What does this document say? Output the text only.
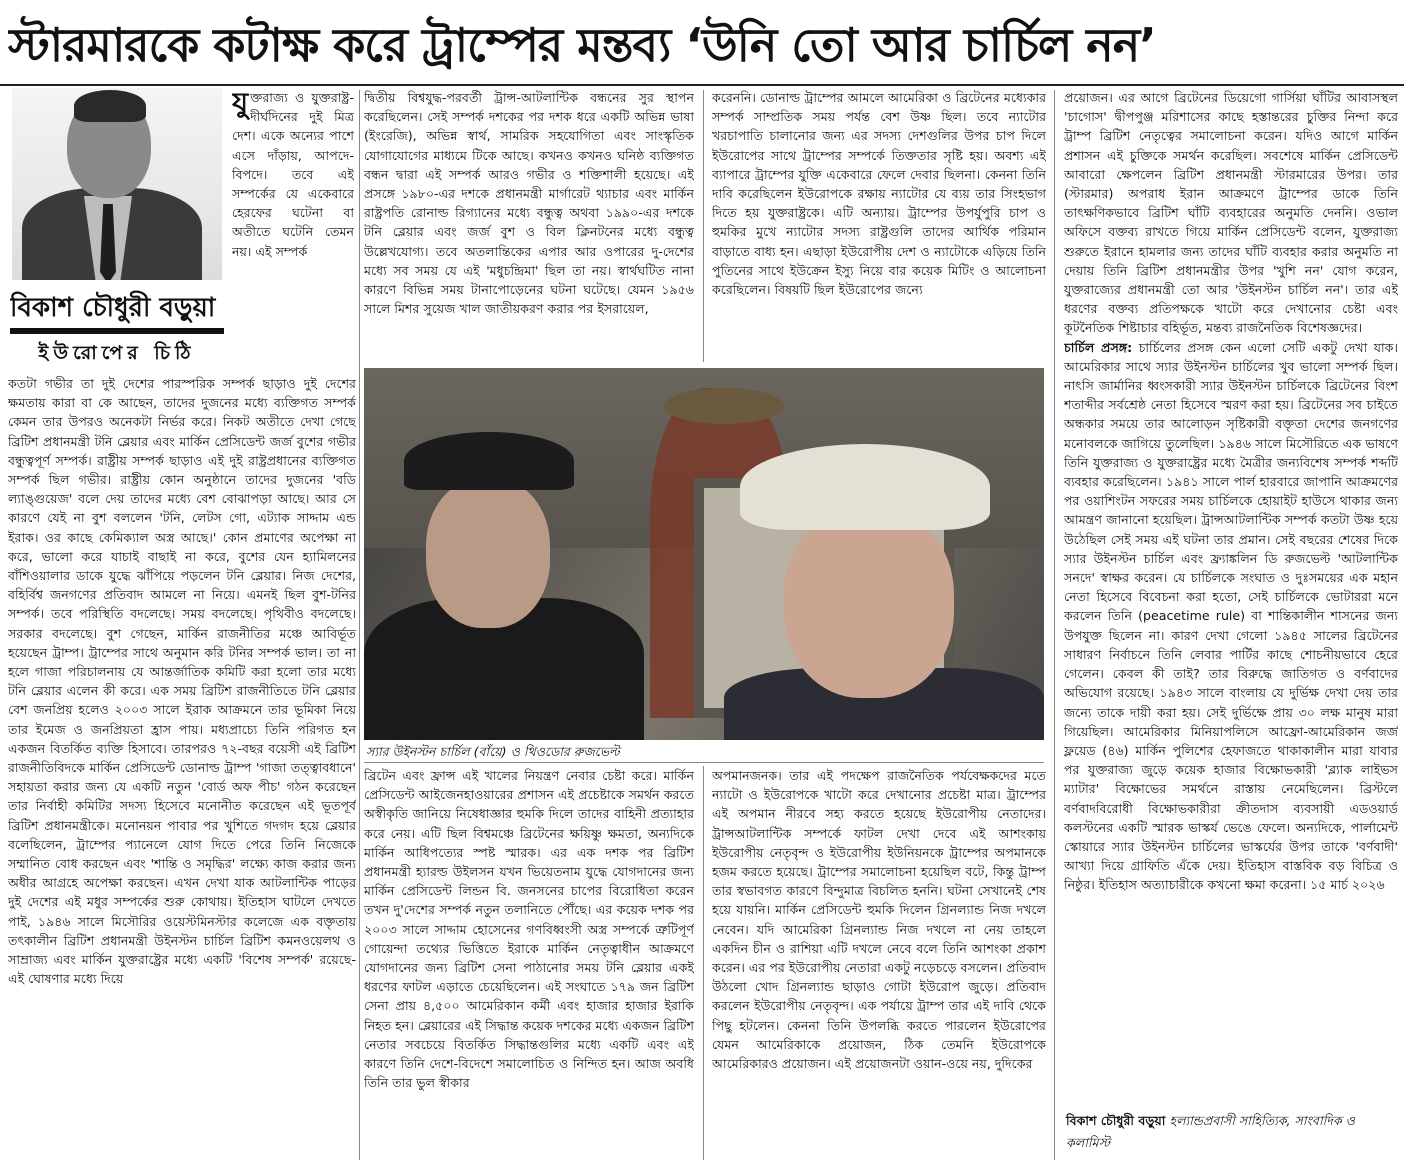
স্টারমারকে কটাক্ষ করে ট্রাম্পের মন্তব্য ‘উনি তো আর চার্চিল নন’
বিকাশ চৌধুরী বড়ুয়া
ইউরোপের চিঠি
যুক্তরাজ্য ও যুক্তরাষ্ট্র- দীর্ঘদিনের দুই মিত্র দেশ। একে অন্যের পাশে এসে দাঁড়ায়, আপদে-বিপদে। তবে এই সম্পর্কের যে একেবারে হেরফের ঘটেনা বা অতীতে ঘটেনি তেমন নয়। এই সম্পর্ক

কতটা গভীর তা দুই দেশের পারস্পরিক সম্পর্ক ছাড়াও দুই দেশের ক্ষমতায় কারা বা কে আছেন, তাদের দুজনের মধ্যে ব্যক্তিগত সম্পর্ক কেমন তার উপরও অনেকটা নির্ভর করে। নিকট অতীতে দেখা গেছে ব্রিটিশ প্রধানমন্ত্রী টনি ব্লেয়ার এবং মার্কিন প্রেসিডেন্ট জর্জ বুশের গভীর বন্ধুত্বপূর্ণ সম্পর্ক। রাষ্ট্রীয় সম্পর্ক ছাড়াও এই দুই রাষ্ট্রপ্রধানের ব্যক্তিগত সম্পর্ক ছিল গভীর। রাষ্ট্রীয় কোন অনুষ্ঠানে তাদের দুজনের 'বডি ল্যাঙ্গুয়েজ' বলে দেয় তাদের মধ্যে বেশ বোঝাপড়া আছে। আর সে কারণে যেই না বুশ বললেন 'টনি, লেটস গো, এট্যাক সাদ্দাম এন্ড ইরাক। ওর কাছে কেমিক্যাল অস্ত্র আছে।' কোন প্রমাণের অপেক্ষা না করে, ভালো করে যাচাই বাছাই না করে, বুশের যেন হ্যামিলনের বাঁশিওয়ালার ডাকে যুদ্ধে ঝাঁপিয়ে পড়লেন টনি ব্লেয়ার। নিজ দেশের, বহির্বিশ্ব জনগণের প্রতিবাদ আমলে না নিয়ে। এমনই ছিল বুশ-টনির সম্পর্ক। তবে পরিস্থিতি বদলেছে। সময় বদলেছে। পৃথিবীও বদলেছে। সরকার বদলেছে। বুশ গেছেন, মার্কিন রাজনীতির মঞ্চে আবির্ভূত হয়েছেন ট্রাম্প। ট্রাম্পের সাথে অনুমান করি টনির সম্পর্ক ভাল। তা না হলে গাজা পরিচালনায় যে আন্তর্জাতিক কমিটি করা হলো তার মধ্যে টনি ব্লেয়ার এলেন কী করে। এক সময় ব্রিটিশ রাজনীতিতে টনি ব্লেয়ার বেশ জনপ্রিয় হলেও ২০০৩ সালে ইরাক আক্রমনে তার ভূমিকা নিয়ে তার ইমেজ ও জনপ্রিয়তা হ্রাস পায়। মধ্যপ্রাচ্যে তিনি পরিগত হন একজন বিতর্কিত ব্যক্তি হিসাবে। তারপরও ৭২-বছর বয়েসী এই ব্রিটিশ রাজনীতিবিদকে মার্কিন প্রেসিডেন্ট ডোনাল্ড ট্রাম্প 'গাজা তত্ত্বাবধানে' সহায়তা করার জন্য যে একটি নতুন 'বোর্ড অফ পীচ' গঠন করেছেন তার নির্বাহী কমিটির সদস্য হিসেবে মনোনীত করেছেন এই ভূতপূর্ব ব্রিটিশ প্রধানমন্ত্রীকে। মনোনয়ন পাবার পর খুশিতে গদগদ হয়ে ব্লেয়ার বলেছিলেন, ট্রাম্পের প্যানেলে যোগ দিতে পেরে তিনি নিজেকে সম্মানিত বোধ করছেন এবং 'শান্তি ও সমৃদ্ধির' লক্ষ্যে কাজ করার জন্য অধীর আগ্রহে অপেক্ষা করছেন। এখন দেখা যাক আটলান্টিক পাড়ের দুই দেশের এই মধুর সম্পর্কের শুরু কোথায়। ইতিহাস ঘাটলে দেখতে পাই, ১৯৪৬ সালে মিসৌরির ওয়েস্টমিনস্টার কলেজে এক বক্তৃতায় তৎকালীন ব্রিটিশ প্রধানমন্ত্রী উইনস্টন চার্চিল ব্রিটিশ কমনওয়েলথ ও সাম্রাজ্য এবং মার্কিন যুক্তরাষ্ট্রের মধ্যে একটি 'বিশেষ সম্পর্ক' রয়েছে- এই ঘোষণার মধ্যে দিয়ে

দ্বিতীয় বিশ্বযুদ্ধ-পরবর্তী ট্রান্স-আটলান্টিক বন্ধনের সুর স্থাপন করেছিলেন। সেই সম্পর্ক দশকের পর দশক ধরে একটি অভিন্ন ভাষা (ইংরেজি), অভিন্ন স্বার্থ, সামরিক সহযোগিতা এবং সাংস্কৃতিক যোগাযোগের মাধ্যমে টিকে আছে। কখনও কখনও ঘনিষ্ঠ ব্যক্তিগত বন্ধন দ্বারা এই সম্পর্ক আরও গভীর ও শক্তিশালী হয়েছে। এই প্রসঙ্গে ১৯৮০-এর দশকে প্রধানমন্ত্রী মার্গারেট থ্যাচার এবং মার্কিন রাষ্ট্রপতি রোনাল্ড রিগ্যানের মধ্যে বন্ধুত্ব অথবা ১৯৯০-এর দশকে টনি ব্লেয়ার এবং জর্জ বুশ ও বিল ক্লিনটনের মধ্যে বন্ধুত্ব উল্লেখযোগ্য। তবে অতলান্তিকের এপার আর ওপারের দু-দেশের মধ্যে সব সময় যে এই 'মধুচন্দ্রিমা' ছিল তা নয়। স্বার্থঘটিত নানা কারণে বিভিন্ন সময় টানাপোড়েনের ঘটনা ঘটেছে। যেমন ১৯৫৬ সালে মিশর সুয়েজ খাল জাতীয়করণ করার পর ইসরায়েল,

করেননি। ডোনাল্ড ট্রাম্পের আমলে আমেরিকা ও ব্রিটেনের মধ্যেকার সম্পর্ক সাম্প্রতিক সময় পর্যন্ত বেশ উষ্ণ ছিল। তবে ন্যাটোর খরচাপাতি চালানোর জন্য এর সদস্য দেশগুলির উপর চাপ দিলে ইউরোপের সাথে ট্রাম্পের সম্পর্কে তিক্ততার সৃষ্টি হয়। অবশ্য এই ব্যাপারে ট্রাম্পের যুক্তি একেবারে ফেলে দেবার ছিলনা। কেননা তিনি দাবি করেছিলেন ইউরোপকে রক্ষায় ন্যাটোর যে ব্যয় তার সিংহভাগ দিতে হয় যুক্তরাষ্ট্রকে। এটি অন্যায়। ট্রাম্পের উপর্যুপুরি চাপ ও হুমকির মুখে ন্যাটোর সদস্য রাষ্ট্রগুলি তাদের আর্থিক পরিমান বাড়াতে বাধ্য হন। এছাড়া ইউরোপীয় দেশ ও ন্যাটোকে এড়িয়ে তিনি পুতিনের সাথে ইউক্রেন ইস্যু নিয়ে বার কয়েক মিটিং ও আলোচনা করেছিলেন। বিষয়টি ছিল ইউরোপের জন্যে

স্যার উইনস্টন চার্চিল (বাঁয়ে) ও থিওডোর রুজভেল্ট

ব্রিটেন এবং ফ্রান্স এই খালের নিয়ন্ত্রণ নেবার চেষ্টা করে। মার্কিন প্রেসিডেন্ট আইজেনহাওয়ারের প্রশাসন এই প্রচেষ্টাকে সমর্থন করতে অস্বীকৃতি জানিয়ে নিষেধাজ্ঞার হুমকি দিলে তাদের বাহিনী প্রত্যাহার করে নেয়। এটি ছিল বিশ্বমঞ্চে ব্রিটেনের ক্ষয়িষ্ণু ক্ষমতা, অন্যদিকে মার্কিন আধিপত্যের স্পষ্ট স্মারক। এর এক দশক পর ব্রিটিশ প্রধানমন্ত্রী হ্যারল্ড উইলসন যখন ভিয়েতনাম যুদ্ধে যোগদানের জন্য মার্কিন প্রেসিডেন্ট লিন্ডন বি. জনসনের চাপের বিরোধিতা করেন তখন দু'দেশের সম্পর্ক নতুন তলানিতে পৌঁছে। এর কয়েক দশক পর ২০০৩ সালে সাদ্দাম হোসেনের গণবিধ্বংসী অস্ত্র সম্পর্কে ত্রুটিপূর্ণ গোয়েন্দা তথ্যের ভিত্তিতে ইরাকে মার্কিন নেতৃত্বাধীন আক্রমণে যোগদানের জন্য ব্রিটিশ সেনা পাঠানোর সময় টনি ব্লেয়ার একই ধরণের ফাটল এড়াতে চেয়েছিলেন। এই সংঘাতে ১৭৯ জন ব্রিটিশ সেনা প্রায় ৪,৫০০ আমেরিকান কর্মী এবং হাজার হাজার ইরাকি নিহত হন। ব্লেয়ারের এই সিদ্ধান্ত কয়েক দশকের মধ্যে একজন ব্রিটিশ নেতার সবচেয়ে বিতর্কিত সিদ্ধান্তগুলির মধ্যে একটি এবং এই কারণে তিনি দেশে-বিদেশে সমালোচিত ও নিন্দিত হন। আজ অবধি তিনি তার ভুল স্বীকার

অপমানজনক। তার এই পদক্ষেপ রাজনৈতিক পর্যবেক্ষকদের মতে ন্যাটো ও ইউরোপকে খাটো করে দেখানোর প্রচেষ্টা মাত্র। ট্রাম্পের এই অপমান নীরবে সহ্য করতে হয়েছে ইউরোপীয় নেতাদের। ট্রান্সআটলান্টিক সম্পর্কে ফাটল দেখা দেবে এই আশংকায় ইউরোপীয় নেতৃবৃন্দ ও ইউরোপীয় ইউনিয়নকে ট্রাম্পের অপমানকে হজম করতে হয়েছে। ট্রাম্পের সমালোচনা হয়েছিল বটে, কিন্তু ট্রাম্প তার স্বভাবগত কারণে বিন্দুমাত্র বিচলিত হননি। ঘটনা সেখানেই শেষ হয়ে যায়নি। মার্কিন প্রেসিডেন্ট হুমকি দিলেন গ্রিনল্যান্ড নিজ দখলে নেবেন। যদি আমেরিকা গ্রিনল্যান্ড নিজ দখলে না নেয় তাহলে একদিন চীন ও রাশিয়া এটি দখলে নেবে বলে তিনি আশংকা প্রকাশ করেন। এর পর ইউরোপীয় নেতারা একটু নড়েচড়ে বসলেন। প্রতিবাদ উঠলো খোদ গ্রিনল্যান্ড ছাড়াও গোটা ইউরোপ জুড়ে। প্রতিবাদ করলেন ইউরোপীয় নেতৃবৃন্দ। এক পর্যায়ে ট্রাম্প তার এই দাবি থেকে পিছু হটলেন। কেননা তিনি উপলব্ধি করতে পারলেন ইউরোপের যেমন আমেরিকাকে প্রয়োজন, ঠিক তেমনি ইউরোপকে আমেরিকারও প্রয়োজন। এই প্রয়োজনটা ওয়ান-ওয়ে নয়, দুদিকের

প্রয়োজন। এর আগে ব্রিটেনের ডিয়েগো গার্সিয়া ঘাঁটির আবাসস্থল 'চাগোস' দ্বীপপুঞ্জ মরিশাসের কাছে হস্তান্তরের চুক্তির নিন্দা করে ট্রাম্প ব্রিটিশ নেতৃত্বের সমালোচনা করেন। যদিও আগে মার্কিন প্রশাসন এই চুক্তিকে সমর্থন করেছিল। সবশেষে মার্কিন প্রেসিডেন্ট আবারো ক্ষেপলেন ব্রিটিশ প্রধানমন্ত্রী স্টারমারের উপর। তার (স্টারমার) অপরাধ ইরান আক্রমণে ট্রাম্পের ডাকে তিনি তাৎক্ষণিকভাবে ব্রিটিশ ঘাঁটি ব্যবহারের অনুমতি দেননি। ওভাল অফিসে বক্তব্য রাখতে গিয়ে মার্কিন প্রেসিডেন্ট বলেন, যুক্তরাজ্য শুরুতে ইরানে হামলার জন্য তাদের ঘাঁটি ব্যবহার করার অনুমতি না দেয়ায় তিনি ব্রিটিশ প্রধানমন্ত্রীর উপর 'খুশি নন' যোগ করেন, যুক্তরাজ্যের প্রধানমন্ত্রী তো আর 'উইনস্টন চার্চিল নন'। তার এই ধরণের বক্তব্য প্রতিপক্ষকে খাটো করে দেখানোর চেষ্টা এবং কূটনৈতিক শিষ্টাচার বহির্ভূত, মন্তব্য রাজনৈতিক বিশেষজ্ঞদের।

চার্চিল প্রসঙ্গ: চার্চিলের প্রসঙ্গ কেন এলো সেটি একটু দেখা যাক। আমেরিকার সাথে স্যার উইনস্টন চার্চিলের খুব ভালো সম্পর্ক ছিল। নাৎসি জার্মানির ধ্বংসকারী স্যার উইনস্টন চার্চিলকে ব্রিটেনের বিংশ শতাব্দীর সর্বশ্রেষ্ঠ নেতা হিসেবে স্মরণ করা হয়। ব্রিটেনের সব চাইতে অন্ধকার সময়ে তার আলোড়ন সৃষ্টিকারী বক্তৃতা দেশের জনগণের মনোবলকে জাগিয়ে তুলেছিল। ১৯৪৬ সালে মিসৌরিতে এক ভাষণে তিনি যুক্তরাজ্য ও যুক্তরাষ্ট্রের মধ্যে মৈত্রীর জন্যবিশেষ সম্পর্ক শব্দটি ব্যবহার করেছিলেন। ১৯৪১ সালে পার্ল হারবারে জাপানি আক্রমণের পর ওয়াশিংটন সফরের সময় চার্চিলকে হোয়াইট হাউসে থাকার জন্য আমন্ত্রণ জানানো হয়েছিল। ট্রান্সআটলান্টিক সম্পর্ক কতটা উষ্ণ হয়ে উঠেছিল সেই সময় এই ঘটনা তার প্রমান। সেই বছরের শেষের দিকে স্যার উইনস্টন চার্চিল এবং ফ্র্যাঙ্কলিন ডি রুজভেল্ট 'আটলান্টিক সনদে' স্বাক্ষর করেন। যে চার্চিলকে সংঘাত ও দুঃসময়ের এক মহান নেতা হিসেবে বিবেচনা করা হতো, সেই চার্চিলকে ভোটাররা মনে করলেন তিনি (peacetime rule) বা শান্তিকালীন শাসনের জন্য উপযুক্ত ছিলেন না। কারণ দেখা গেলো ১৯৪৫ সালের ব্রিটেনের সাধারণ নির্বাচনে তিনি লেবার পার্টির কাছে শোচনীয়ভাবে হেরে গেলেন। কেবল কী তাই? তার বিরুদ্ধে জাতিগত ও বর্ণবাদের অভিযোগ রয়েছে। ১৯৪৩ সালে বাংলায় যে দুর্ভিক্ষ দেখা দেয় তার জন্যে তাকে দায়ী করা হয়। সেই দুর্ভিক্ষে প্রায় ৩০ লক্ষ মানুষ মারা গিয়েছিল। আমেরিকার মিনিয়াপলিসে আফ্রো-আমেরিকান জর্জ ফ্লয়েড (৪৬) মার্কিন পুলিশের হেফাজতে থাকাকালীন মারা যাবার পর যুক্তরাজ্য জুড়ে কয়েক হাজার বিক্ষোভকারী 'ব্ল্যাক লাইভস ম্যাটার' বিক্ষোভের সমর্থনে রাস্তায় নেমেছিলেন। ব্রিস্টলে বর্ণবাদবিরোধী বিক্ষোভকারীরা ক্রীতদাস ব্যবসায়ী এডওয়ার্ড কলস্টনের একটি স্মারক ভাস্কর্য ভেঙে ফেলে। অন্যদিকে, পার্লামেন্ট স্কোয়ারে স্যার উইনস্টন চার্চিলের ভাস্কর্যের উপর তাকে 'বর্ণবাদী' আখ্যা দিয়ে গ্রাফিতি এঁকে দেয়। ইতিহাস বাস্তবিক বড় বিচিত্র ও নিষ্ঠুর। ইতিহাস অত্যাচারীকে কখনো ক্ষমা করেনা। ১৫ মার্চ ২০২৬

বিকাশ চৌধুরী বড়ুয়া হল্যান্ডপ্রবাসী সাহিত্যিক, সাংবাদিক ও কলামিস্ট
